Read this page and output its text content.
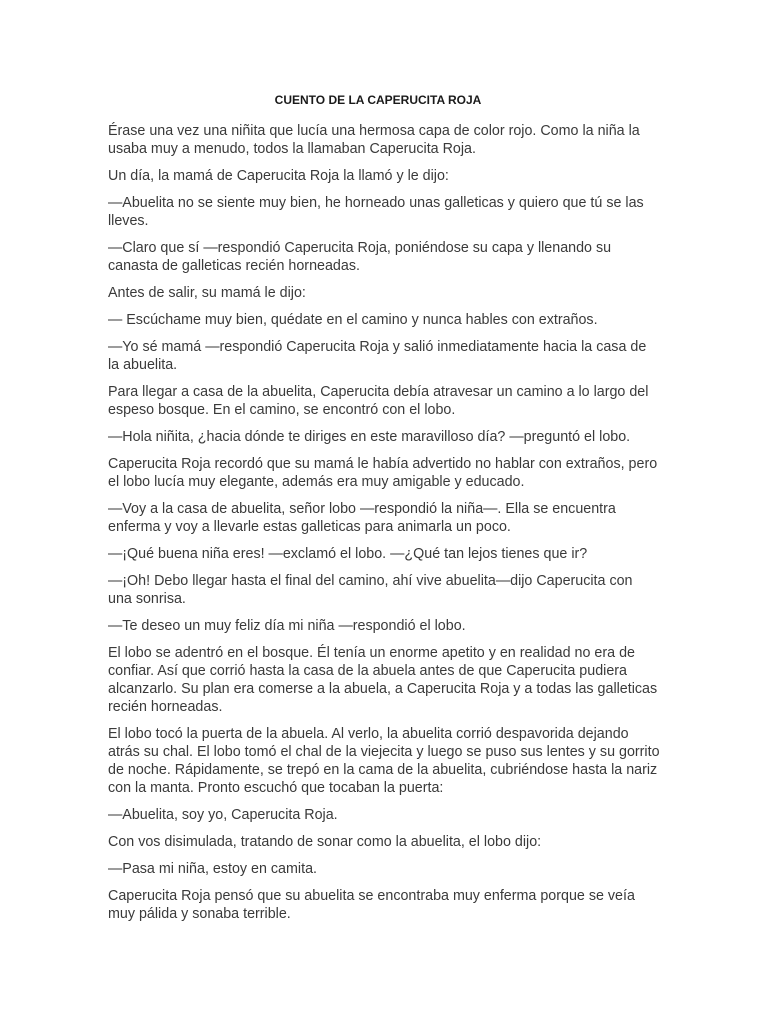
CUENTO DE LA CAPERUCITA ROJA

Érase una vez una niñita que lucía una hermosa capa de color rojo. Como la niña la usaba muy a menudo, todos la llamaban Caperucita Roja.

Un día, la mamá de Caperucita Roja la llamó y le dijo:

—Abuelita no se siente muy bien, he horneado unas galleticas y quiero que tú se las lleves.

—Claro que sí —respondió Caperucita Roja, poniéndose su capa y llenando su canasta de galleticas recién horneadas.

Antes de salir, su mamá le dijo:

— Escúchame muy bien, quédate en el camino y nunca hables con extraños.

—Yo sé mamá —respondió Caperucita Roja y salió inmediatamente hacia la casa de la abuelita.

Para llegar a casa de la abuelita, Caperucita debía atravesar un camino a lo largo del espeso bosque. En el camino, se encontró con el lobo.

—Hola niñita, ¿hacia dónde te diriges en este maravilloso día? —preguntó el lobo.

Caperucita Roja recordó que su mamá le había advertido no hablar con extraños, pero el lobo lucía muy elegante, además era muy amigable y educado.

—Voy a la casa de abuelita, señor lobo —respondió la niña—. Ella se encuentra enferma y voy a llevarle estas galleticas para animarla un poco.

—¡Qué buena niña eres! —exclamó el lobo. —¿Qué tan lejos tienes que ir?

—¡Oh! Debo llegar hasta el final del camino, ahí vive abuelita—dijo Caperucita con una sonrisa.

—Te deseo un muy feliz día mi niña —respondió el lobo.

El lobo se adentró en el bosque. Él tenía un enorme apetito y en realidad no era de confiar. Así que corrió hasta la casa de la abuela antes de que Caperucita pudiera alcanzarlo. Su plan era comerse a la abuela, a Caperucita Roja y a todas las galleticas recién horneadas.

El lobo tocó la puerta de la abuela. Al verlo, la abuelita corrió despavorida dejando atrás su chal. El lobo tomó el chal de la viejecita y luego se puso sus lentes y su gorrito de noche. Rápidamente, se trepó en la cama de la abuelita, cubriéndose hasta la nariz con la manta. Pronto escuchó que tocaban la puerta:

—Abuelita, soy yo, Caperucita Roja.

Con vos disimulada, tratando de sonar como la abuelita, el lobo dijo:

—Pasa mi niña, estoy en camita.

Caperucita Roja pensó que su abuelita se encontraba muy enferma porque se veía muy pálida y sonaba terrible.
